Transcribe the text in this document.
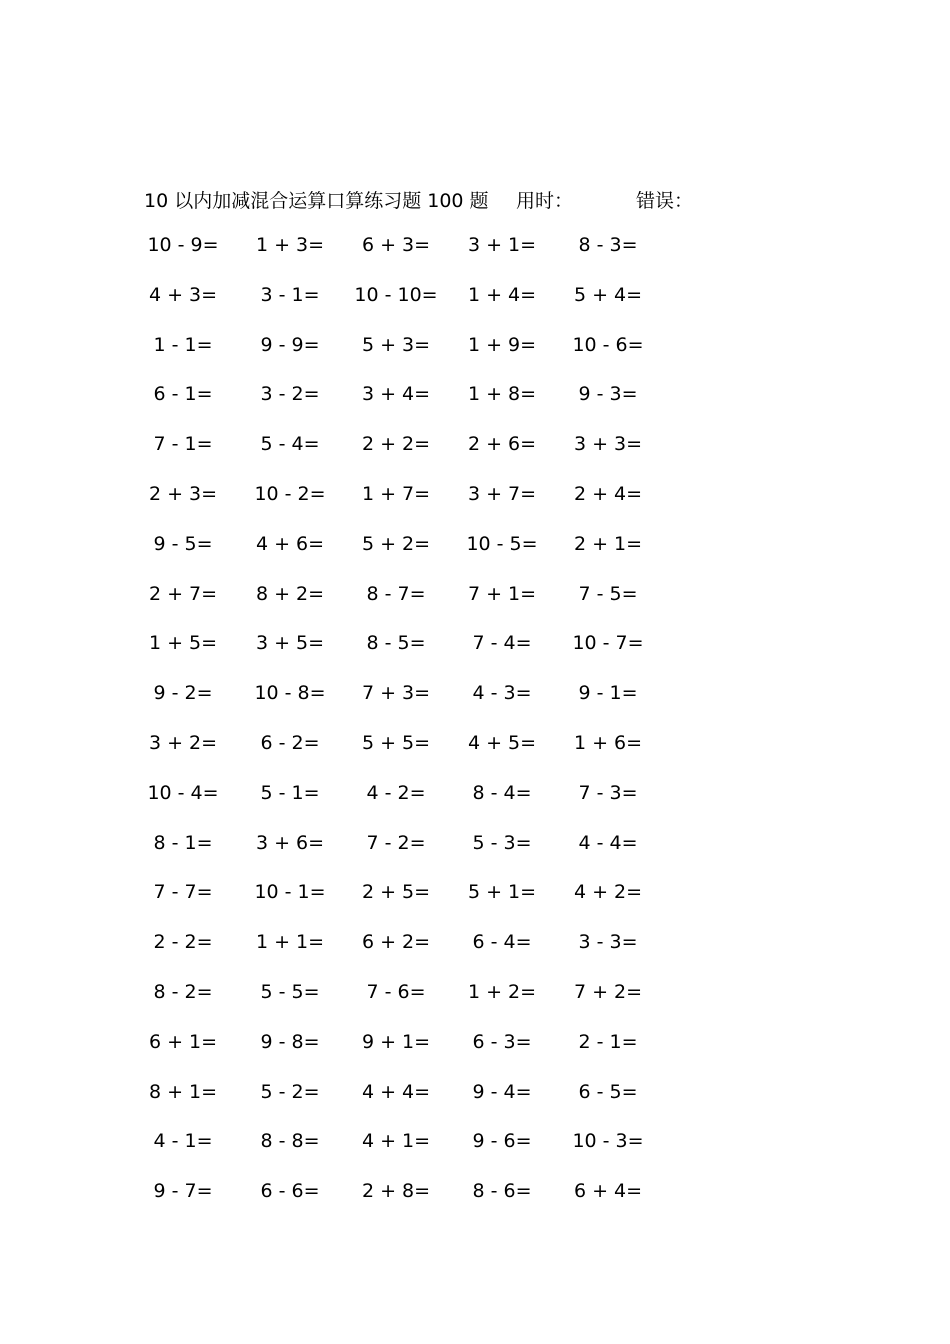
10 以内加减混合运算口算练习题 100 题 用时：	错误：
10 - 9=	1 + 3=	6 + 3=	3 + 1=	8 - 3=
4 + 3=	3 - 1=	10 - 10=	1 + 4=	5 + 4=
1 - 1=	9 - 9=	5 + 3=	1 + 9=	10 - 6=
6 - 1=	3 - 2=	3 + 4=	1 + 8=	9 - 3=
7 - 1=	5 - 4=	2 + 2=	2 + 6=	3 + 3=
2 + 3=	10 - 2=	1 + 7=	3 + 7=	2 + 4=
9 - 5=	4 + 6=	5 + 2=	10 - 5=	2 + 1=
2 + 7=	8 + 2=	8 - 7=	7 + 1=	7 - 5=
1 + 5=	3 + 5=	8 - 5=	7 - 4=	10 - 7=
9 - 2=	10 - 8=	7 + 3=	4 - 3=	9 - 1=
3 + 2=	6 - 2=	5 + 5=	4 + 5=	1 + 6=
10 - 4=	5 - 1=	4 - 2=	8 - 4=	7 - 3=
8 - 1=	3 + 6=	7 - 2=	5 - 3=	4 - 4=
7 - 7=	10 - 1=	2 + 5=	5 + 1=	4 + 2=
2 - 2=	1 + 1=	6 + 2=	6 - 4=	3 - 3=
8 - 2=	5 - 5=	7 - 6=	1 + 2=	7 + 2=
6 + 1=	9 - 8=	9 + 1=	6 - 3=	2 - 1=
8 + 1=	5 - 2=	4 + 4=	9 - 4=	6 - 5=
4 - 1=	8 - 8=	4 + 1=	9 - 6=	10 - 3=
9 - 7=	6 - 6=	2 + 8=	8 - 6=	6 + 4=
